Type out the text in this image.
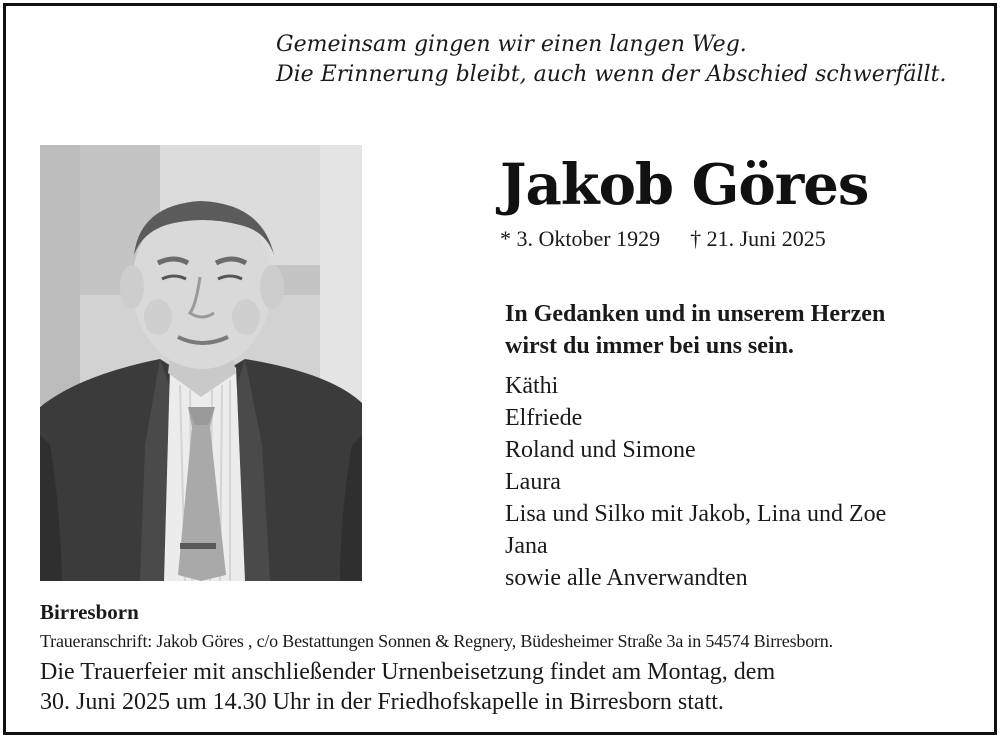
Gemeinsam gingen wir einen langen Weg.
Die Erinnerung bleibt, auch wenn der Abschied schwerfällt.
Jakob Göres
* 3. Oktober 1929 † 21. Juni 2025
In Gedanken und in unserem Herzen
wirst du immer bei uns sein.
Käthi
Elfriede
Roland und Simone
Laura
Lisa und Silko mit Jakob, Lina und Zoe
Jana
sowie alle Anverwandten
Birresborn
Traueranschrift: Jakob Göres , c/o Bestattungen Sonnen & Regnery, Büdesheimer Straße 3a in 54574 Birresborn.
Die Trauerfeier mit anschließender Urnenbeisetzung findet am Montag, dem
30. Juni 2025 um 14.30 Uhr in der Friedhofskapelle in Birresborn statt.
